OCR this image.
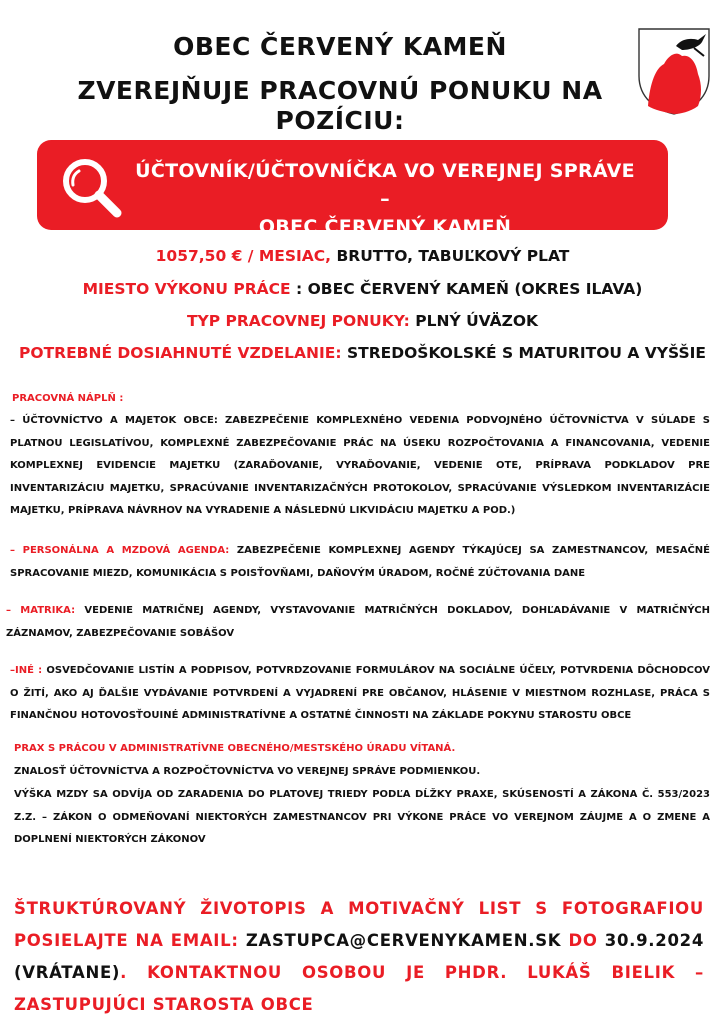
OBEC ČERVENÝ KAMEŇ
ZVEREJŇUJE PRACOVNÚ PONUKU NA POZÍCIU:
ÚČTOVNÍK/ÚČTOVNÍČKA VO VEREJNEJ SPRÁVE –
OBEC ČERVENÝ KAMEŇ
1057,50 € / MESIAC, BRUTTO, TABUĽKOVÝ PLAT
MIESTO VÝKONU PRÁCE : OBEC ČERVENÝ KAMEŇ (OKRES ILAVA)
TYP PRACOVNEJ PONUKY: PLNÝ ÚVÄZOK
POTREBNÉ DOSIAHNUTÉ VZDELANIE: STREDOŠKOLSKÉ S MATURITOU A VYŠŠIE
PRACOVNÁ NÁPLŇ :
– ÚČTOVNÍCTVO A MAJETOK OBCE: ZABEZPEČENIE KOMPLEXNÉHO VEDENIA PODVOJNÉHO ÚČTOVNÍCTVA V SÚLADE S PLATNOU LEGISLATÍVOU, KOMPLEXNÉ ZABEZPEČOVANIE PRÁC NA ÚSEKU ROZPOČTOVANIA A FINANCOVANIA, VEDENIE KOMPLEXNEJ EVIDENCIE MAJETKU (ZARAĎOVANIE, VYRAĎOVANIE, VEDENIE OTE, PRÍPRAVA PODKLADOV PRE INVENTARIZÁCIU MAJETKU, SPRACÚVANIE INVENTARIZAČNÝCH PROTOKOLOV, SPRACÚVANIE VÝSLEDKOM INVENTARIZÁCIE MAJETKU, PRÍPRAVA NÁVRHOV NA VYRADENIE A NÁSLEDNÚ LIKVIDÁCIU MAJETKU A POD.)
– PERSONÁLNA A MZDOVÁ AGENDA: ZABEZPEČENIE KOMPLEXNEJ AGENDY TÝKAJÚCEJ SA ZAMESTNANCOV, MESAČNÉ SPRACOVANIE MIEZD, KOMUNIKÁCIA S POISŤOVŇAMI, DAŇOVÝM ÚRADOM, ROČNÉ ZÚČTOVANIA DANE
– MATRIKA: VEDENIE MATRIČNEJ AGENDY, VYSTAVOVANIE MATRIČNÝCH DOKLADOV, DOHĽADÁVANIE V MATRIČNÝCH ZÁZNAMOV, ZABEZPEČOVANIE SOBÁŠOV
–INÉ : OSVEDČOVANIE LISTÍN A PODPISOV, POTVRDZOVANIE FORMULÁROV NA SOCIÁLNE ÚČELY, POTVRDENIA DÔCHODCOV O ŽITÍ, AKO AJ ĎALŠIE VYDÁVANIE POTVRDENÍ A VYJADRENÍ PRE OBČANOV, HLÁSENIE V MIESTNOM ROZHLASE, PRÁCA S FINANČNOU HOTOVOSŤOUINÉ ADMINISTRATÍVNE A OSTATNÉ ČINNOSTI NA ZÁKLADE POKYNU STAROSTU OBCE
PRAX S PRÁCOU V ADMINISTRATÍVNE OBECNÉHO/MESTSKÉHO ÚRADU VÍTANÁ.
ZNALOSŤ ÚČTOVNÍCTVA A ROZPOČTOVNÍCTVA VO VEREJNEJ SPRÁVE PODMIENKOU.
VÝŠKA MZDY SA ODVÍJA OD ZARADENIA DO PLATOVEJ TRIEDY PODĽA DĹŽKY PRAXE, SKÚSENOSTÍ A ZÁKONA Č. 553/2023 Z.Z. – ZÁKON O ODMEŇOVANÍ NIEKTORÝCH ZAMESTNANCOV PRI VÝKONE PRÁCE VO VEREJNOM ZÁUJME A O ZMENE A DOPLNENÍ NIEKTORÝCH ZÁKONOV
ŠTRUKTÚROVANÝ ŽIVOTOPIS A MOTIVAČNÝ LIST S FOTOGRAFIOU POSIELAJTE NA EMAIL: ZASTUPCA@CERVENYKAMEN.SK DO 30.9.2024 (VRÁTANE). KONTAKTNOU OSOBOU JE PHDR. LUKÁŠ BIELIK – ZASTUPUJÚCI STAROSTA OBCE
